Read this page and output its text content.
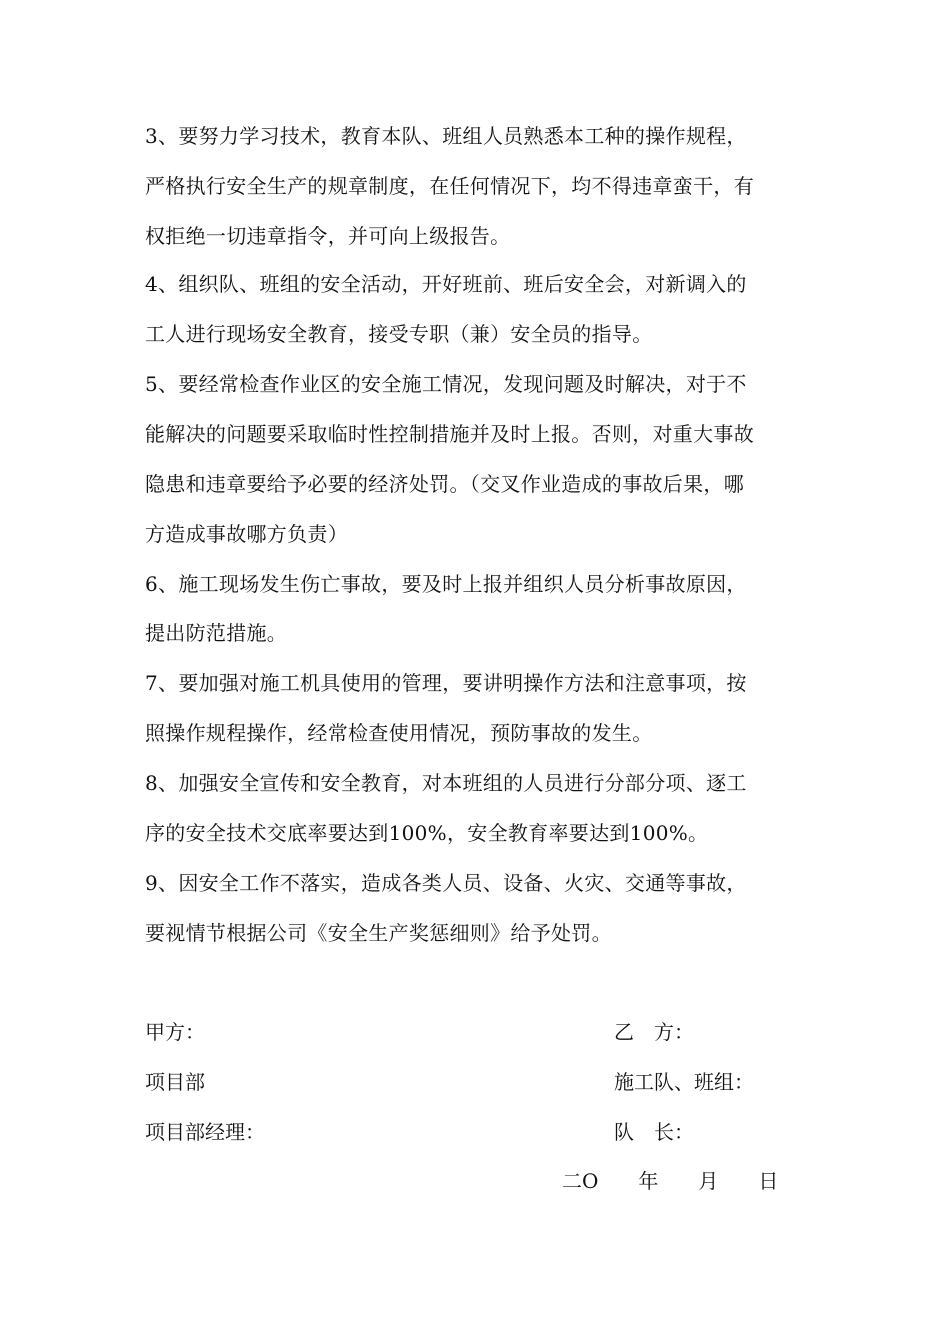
3、要努力学习技术，教育本队、班组人员熟悉本工种的操作规程，
严格执行安全生产的规章制度，在任何情况下，均不得违章蛮干，有
权拒绝一切违章指令，并可向上级报告。
4、组织队、班组的安全活动，开好班前、班后安全会，对新调入的
工人进行现场安全教育，接受专职（兼）安全员的指导。
5、要经常检查作业区的安全施工情况，发现问题及时解决，对于不
能解决的问题要采取临时性控制措施并及时上报。否则，对重大事故
隐患和违章要给予必要的经济处罚。（交叉作业造成的事故后果，哪
方造成事故哪方负责）
6、施工现场发生伤亡事故，要及时上报并组织人员分析事故原因，
提出防范措施。
7、要加强对施工机具使用的管理，要讲明操作方法和注意事项，按
照操作规程操作，经常检查使用情况，预防事故的发生。
8、加强安全宣传和安全教育，对本班组的人员进行分部分项、逐工
序的安全技术交底率要达到100%，安全教育率要达到100%。
9、因安全工作不落实，造成各类人员、设备、火灾、交通等事故，
要视情节根据公司《安全生产奖惩细则》给予处罚。
甲方：	乙　方：
项目部	施工队、班组：
项目部经理：	队　长：
二O　　年　　月　　日
